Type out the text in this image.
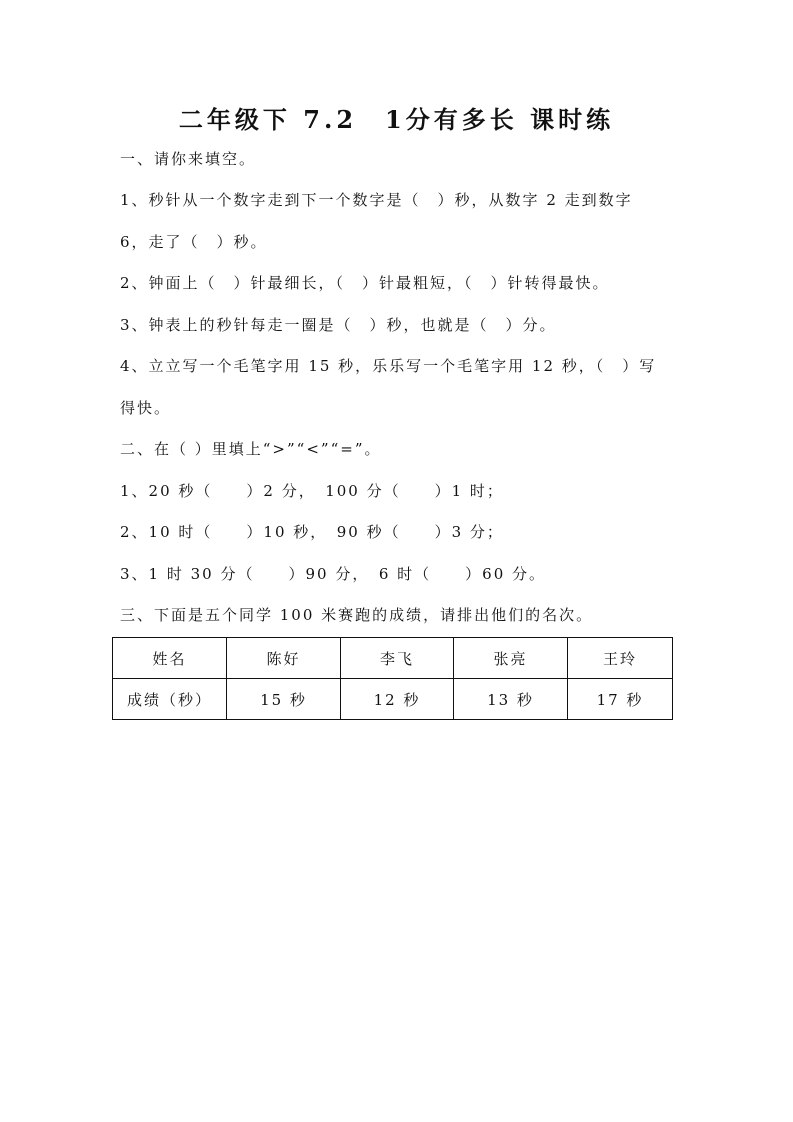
二年级下 7.2　1分有多长 课时练
一、请你来填空。
1、秒针从一个数字走到下一个数字是（　）秒，从数字 2 走到数字
6，走了（　）秒。
2、钟面上（　）针最细长，（　）针最粗短，（　）针转得最快。
3、钟表上的秒针每走一圈是（　）秒，也就是（　）分。
4、立立写一个毛笔字用 15 秒，乐乐写一个毛笔字用 12 秒，（　）写
得快。
二、在（ ）里填上“>”“<”“=”。
1、20 秒（　　）2 分，　100 分（　　）1 时；
2、10 时（　　）10 秒，　90 秒（　　）3 分；
3、1 时 30 分（　　）90 分，　6 时（　　）60 分。
三、下面是五个同学 100 米赛跑的成绩，请排出他们的名次。
姓名	陈好	李飞	张亮	王玲
成绩（秒）	15 秒	12 秒	13 秒	17 秒
